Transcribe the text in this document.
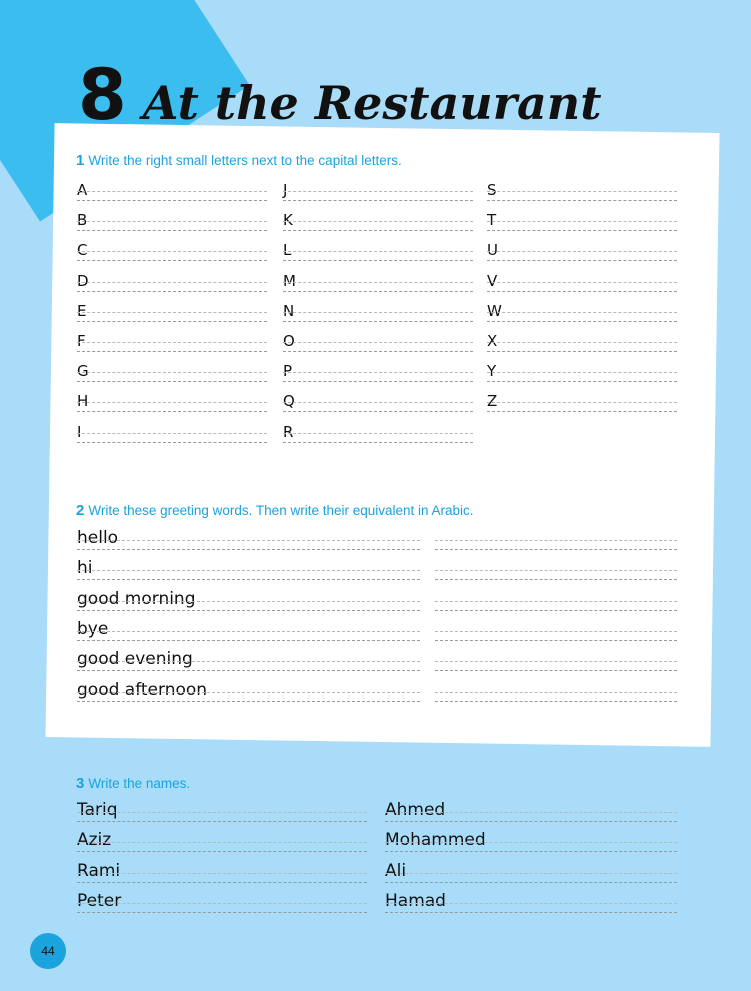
8 At the Restaurant
1 Write the right small letters next to the capital letters.
A
B
C
D
E
F
G
H
I
J
K
L
M
N
O
P
Q
R
S
T
U
V
W
X
Y
Z
2 Write these greeting words. Then write their equivalent in Arabic.
hello
hi
good morning
bye
good evening
good afternoon
3 Write the names.
Tariq
Aziz
Rami
Peter
Ahmed
Mohammed
Ali
Hamad
44
